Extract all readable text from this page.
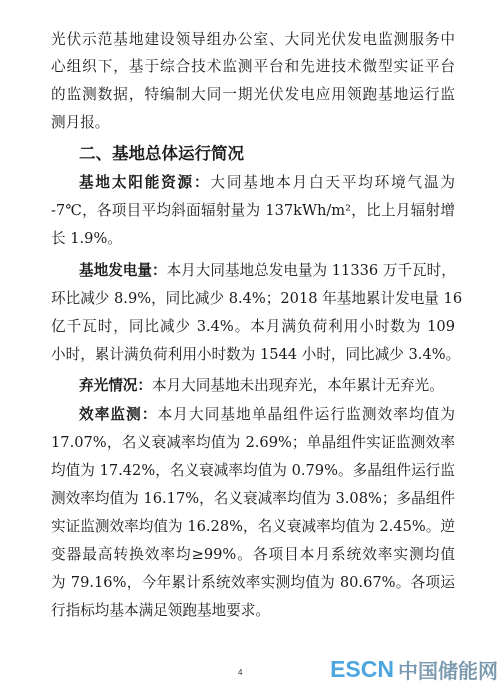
光伏示范基地建设领导组办公室、大同光伏发电监测服务中
心组织下，基于综合技术监测平台和先进技术微型实证平台
的监测数据，特编制大同一期光伏发电应用领跑基地运行监
测月报。
二、基地总体运行简况
基地太阳能资源：大同基地本月白天平均环境气温为
-7℃，各项目平均斜面辐射量为 137kWh/m²，比上月辐射增
长 1.9%。
基地发电量：本月大同基地总发电量为 11336 万千瓦时，
环比减少 8.9%，同比减少 8.4%；2018 年基地累计发电量 16
亿千瓦时，同比减少 3.4%。本月满负荷利用小时数为 109
小时，累计满负荷利用小时数为 1544 小时，同比减少 3.4%。
弃光情况：本月大同基地未出现弃光，本年累计无弃光。
效率监测：本月大同基地单晶组件运行监测效率均值为
17.07%，名义衰减率均值为 2.69%；单晶组件实证监测效率
均值为 17.42%，名义衰减率均值为 0.79%。多晶组件运行监
测效率均值为 16.17%，名义衰减率均值为 3.08%；多晶组件
实证监测效率均值为 16.28%，名义衰减率均值为 2.45%。逆
变器最高转换效率均≥99%。各项目本月系统效率实测均值
为 79.16%，今年累计系统效率实测均值为 80.67%。各项运
行指标均基本满足领跑基地要求。
4	ESCN 中国储能网
